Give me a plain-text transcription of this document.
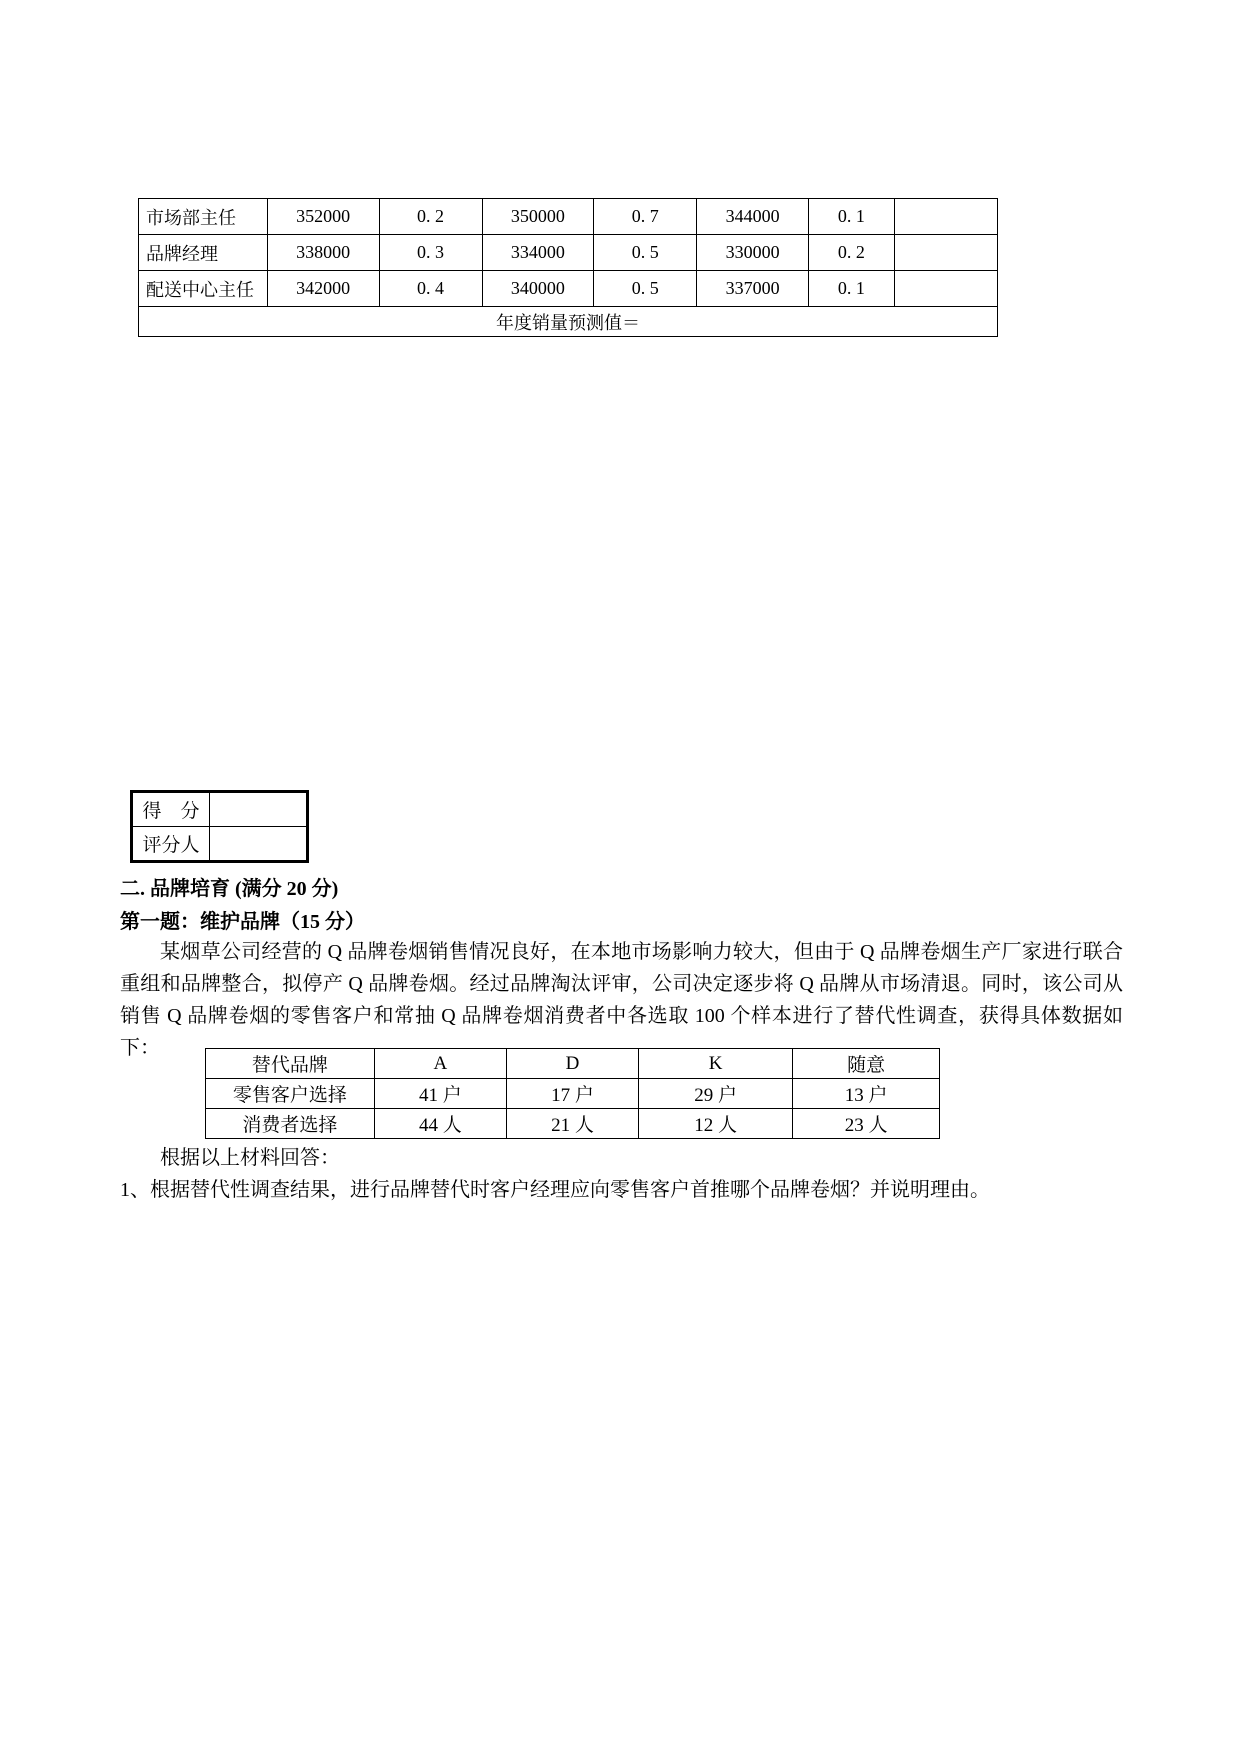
市场部主任	352000	0. 2	350000	0. 7	344000	0. 1	
品牌经理	338000	0. 3	334000	0. 5	330000	0. 2	
配送中心主任	342000	0. 4	340000	0. 5	337000	0. 1	
年度销量预测值＝							
得　分	
评分人	
二. 品牌培育 (满分 20 分)
第一题：维护品牌（15 分）

某烟草公司经营的 Q 品牌卷烟销售情况良好，在本地市场影响力较大，但由于 Q 品牌卷烟生产厂家进行联合重组和品牌整合，拟停产 Q 品牌卷烟。经过品牌淘汰评审，公司决定逐步将 Q 品牌从市场清退。同时，该公司从销售 Q 品牌卷烟的零售客户和常抽 Q 品牌卷烟消费者中各选取 100 个样本进行了替代性调查，获得具体数据如下：

替代品牌	A	D	K	随意
零售客户选择	41 户	17 户	29 户	13 户
消费者选择	44 人	21 人	12 人	23 人

根据以上材料回答：

1、根据替代性调查结果，进行品牌替代时客户经理应向零售客户首推哪个品牌卷烟？并说明理由。
